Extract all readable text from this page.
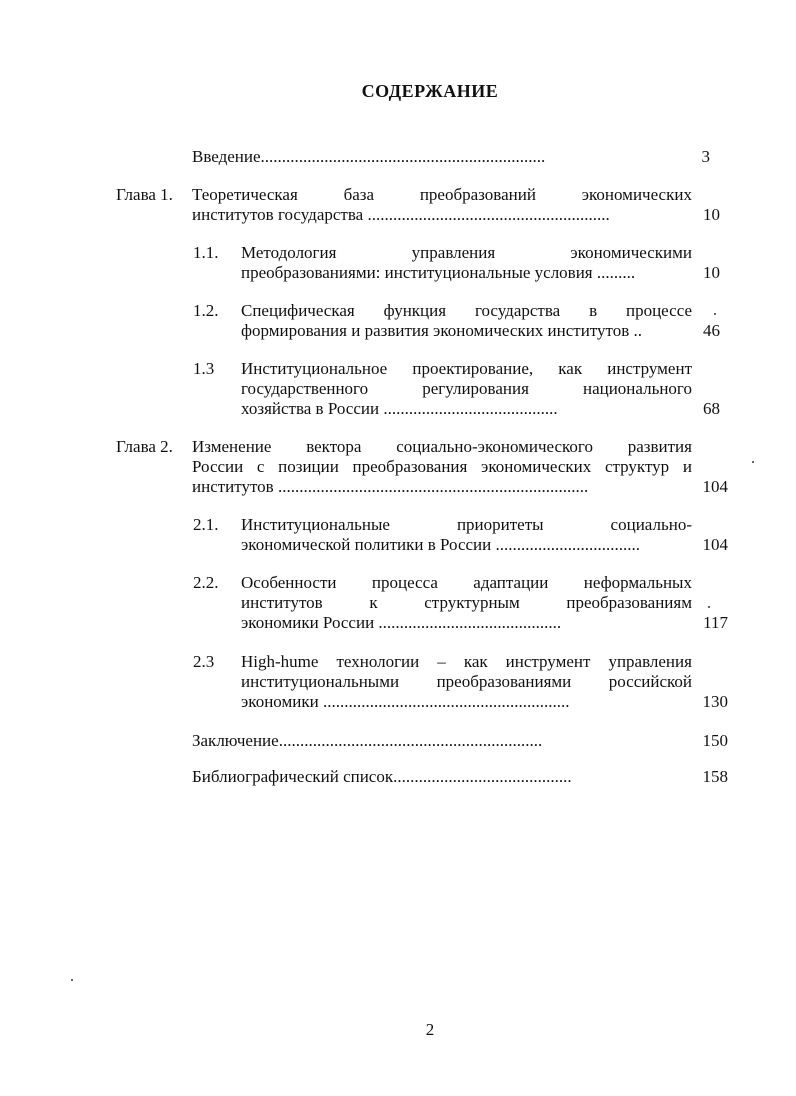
СОДЕРЖАНИЕ
Введение...................................................................	3
Глава 1. Теоретическая	база	преобразований	экономических
институтов государства .........................................................	10
1.1. Методология	управления	экономическими
преобразованиями: институциональные условия .........	10
1.2. Специфическая функция государства в процессе
формирования и развития экономических институтов ..	46
1.3 Институциональное проектирование, как инструмент
государственного	регулирования	национального
хозяйства в России .........................................	68
Глава 2. Изменение вектора социально-экономического развития
России с позиции преобразования экономических структур и
институтов .........................................................................	104
2.1. Институциональные	приоритеты	социально-
экономической политики в России ..................................	104
2.2. Особенности процесса адаптации неформальных
институтов	к	структурным	преобразованиям
экономики России ...........................................	117
2.3 High-hume технологии – как инструмент управления
институциональными преобразованиями российской
экономики ..........................................................	130
Заключение..............................................................	150
Библиографический список..........................................	158
2
